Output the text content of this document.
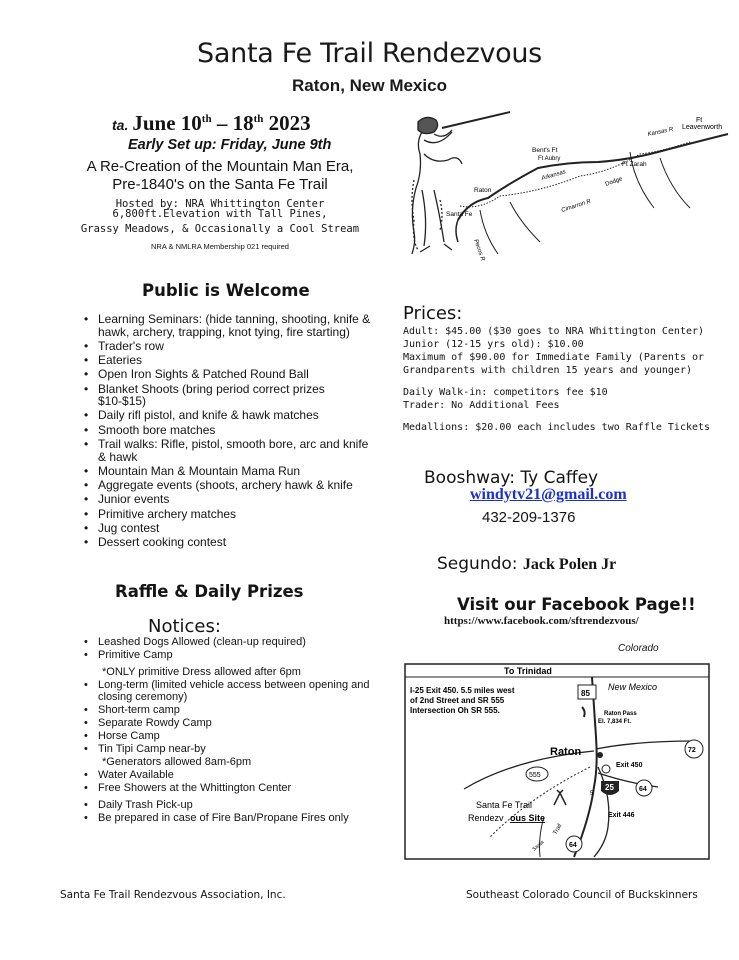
Santa Fe Trail Rendezvous
Raton, New Mexico
ta. June 10th – 18th 2023
Early Set up: Friday, June 9th
A Re-Creation of the Mountain Man Era,
Pre-1840's on the Santa Fe Trail
Hosted by: NRA Whittington Center
6,800ft.Elevation with Tall Pines,
Grassy Meadows, & Occasionally a Cool Stream
NRA & NMLRA Membership 021 required
Ft
Leavenworth
Kansas R
Bent's Ft
Ft Aubry
Ft Zarah
Dodge
Raton
Arkansas
Cimarron R
Santa Fe
Pecos R
Public is Welcome
• Learning Seminars: (hide tanning, shooting, knife & hawk, archery, trapping, knot tying, fire starting)
• Trader's row
• Eateries
• Open Iron Sights & Patched Round Ball
• Blanket Shoots (bring period correct prizes $10-$15)
• Daily rifl pistol, and knife & hawk matches
• Smooth bore matches
• Trail walks: Rifle, pistol, smooth bore, arc and knife & hawk
• Mountain Man & Mountain Mama Run
• Aggregate events (shoots, archery hawk & knife
• Junior events
• Primitive archery matches
• Jug contest
• Dessert cooking contest
Raffle & Daily Prizes
Notices:
• Leashed Dogs Allowed (clean-up required)
• Primitive Camp
*ONLY primitive Dress allowed after 6pm
• Long-term (limited vehicle access between opening and closing ceremony)
• Short-term camp
• Separate Rowdy Camp
• Horse Camp
• Tin Tipi Camp near-by
*Generators allowed 8am-6pm
• Water Available
• Free Showers at the Whittington Center
• Daily Trash Pick-up
• Be prepared in case of Fire Ban/Propane Fires only
Prices:
Adult: $45.00 ($30 goes to NRA Whittington Center)
Junior (12-15 yrs old): $10.00
Maximum of $90.00 for Immediate Family (Parents or Grandparents with children 15 years and younger)
Daily Walk-in: competitors fee $10
Trader: No Additional Fees
Medallions: $20.00 each includes two Raffle Tickets
Booshway: Ty Caffey
windytv21@gmail.com
432-209-1376
Segundo: Jack Polen Jr
Visit our Facebook Page!!
https://www.facebook.com/sftrendezvous/
Colorado
To Trinidad
New Mexico
I-25 Exit 450. 5.5 miles west
of 2nd Street and SR 555
Intersection Oh SR 555.	Raton Pass
El. 7,834 Ft.
85
72
555
25	64
64
5
Raton
Exit 450
Exit 446
Santa Fe Trail
Rendezv ous Site
Trail
Santa
Santa Fe Trail Rendezvous Association, Inc.	Southeast Colorado Council of Buckskinners
